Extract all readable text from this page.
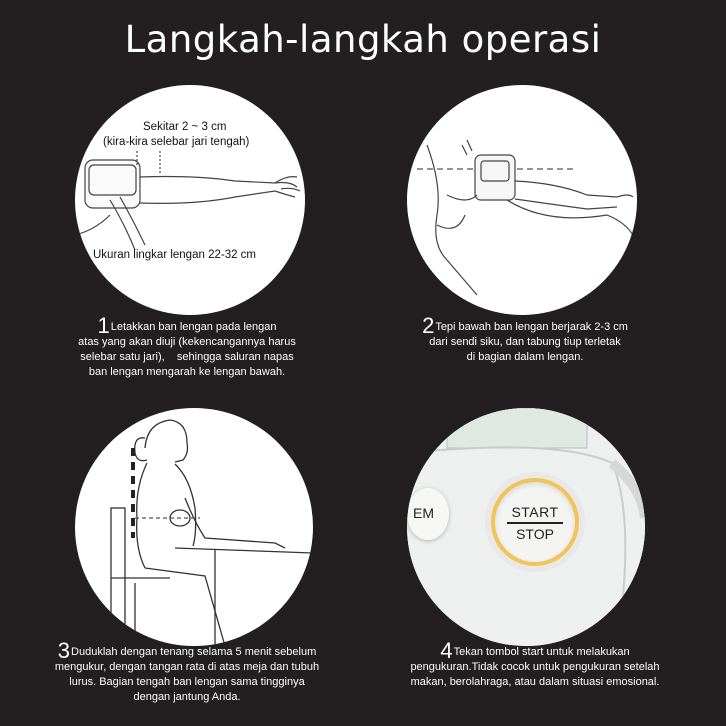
Langkah-langkah operasi
Sekitar 2 ~ 3 cm
(kira-kira selebar jari tengah)
Ukuran lingkar lengan 22-32 cm
EM	START
STOP
1Letakkan ban lengan pada lengan
atas yang akan diuji (kekencangannya harus
selebar satu jari),    sehingga saluran napas
ban lengan mengarah ke lengan bawah.
2Tepi bawah ban lengan berjarak 2-3 cm
dari sendi siku, dan tabung tiup terletak
di bagian dalam lengan.
3Duduklah dengan tenang selama 5 menit sebelum
mengukur, dengan tangan rata di atas meja dan tubuh
lurus. Bagian tengah ban lengan sama tingginya
dengan jantung Anda.
4Tekan tombol start untuk melakukan
pengukuran.Tidak cocok untuk pengukuran setelah
makan, berolahraga, atau dalam situasi emosional.
